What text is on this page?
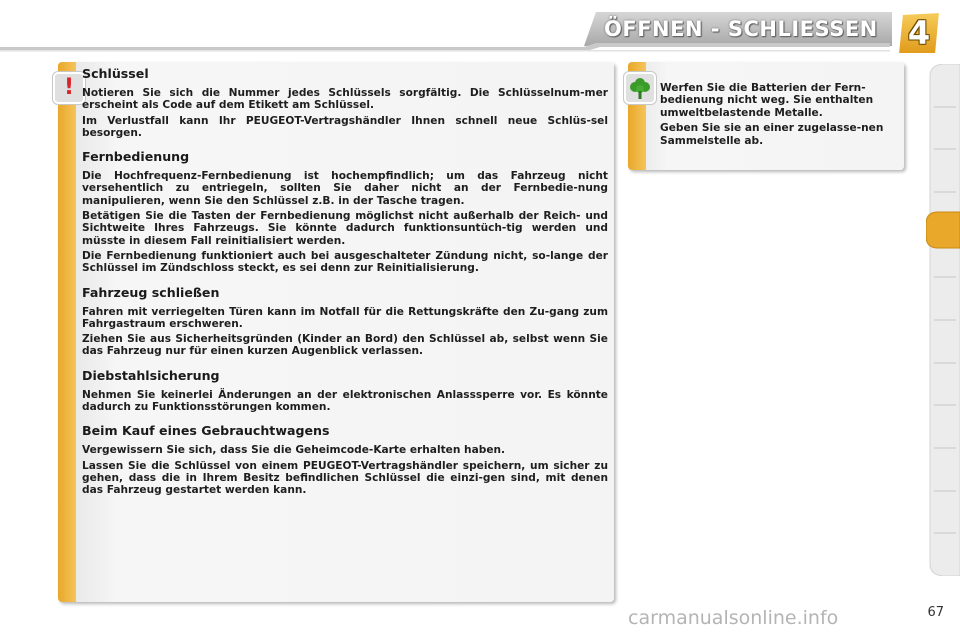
ÖFFNEN - SCHLIESSEN 4
!
Schlüssel

Notieren Sie sich die Nummer jedes Schlüssels sorgfältig. Die Schlüsselnum-mer erscheint als Code auf dem Etikett am Schlüssel.

Im Verlustfall kann Ihr PEUGEOT-Vertragshändler Ihnen schnell neue Schlüs-sel besorgen.

Fernbedienung

Die Hochfrequenz-Fernbedienung ist hochempfindlich; um das Fahrzeug nicht versehentlich zu entriegeln, sollten Sie daher nicht an der Fernbedie-nung manipulieren, wenn Sie den Schlüssel z.B. in der Tasche tragen.

Betätigen Sie die Tasten der Fernbedienung möglichst nicht außerhalb der Reich- und Sichtweite Ihres Fahrzeugs. Sie könnte dadurch funktionsuntüch-tig werden und müsste in diesem Fall reinitialisiert werden.

Die Fernbedienung funktioniert auch bei ausgeschalteter Zündung nicht, so-lange der Schlüssel im Zündschloss steckt, es sei denn zur Reinitialisierung.

Fahrzeug schließen

Fahren mit verriegelten Türen kann im Notfall für die Rettungskräfte den Zu-gang zum Fahrgastraum erschweren.

Ziehen Sie aus Sicherheitsgründen (Kinder an Bord) den Schlüssel ab, selbst wenn Sie das Fahrzeug nur für einen kurzen Augenblick verlassen.

Diebstahlsicherung

Nehmen Sie keinerlei Änderungen an der elektronischen Anlasssperre vor. Es könnte dadurch zu Funktionsstörungen kommen.

Beim Kauf eines Gebrauchtwagens

Vergewissern Sie sich, dass Sie die Geheimcode-Karte erhalten haben.

Lassen Sie die Schlüssel von einem PEUGEOT-Vertragshändler speichern, um sicher zu gehen, dass die in Ihrem Besitz befindlichen Schlüssel die einzi-gen sind, mit denen das Fahrzeug gestartet werden kann.

Werfen Sie die Batterien der Fern-bedienung nicht weg. Sie enthalten umweltbelastende Metalle.

Geben Sie sie an einer zugelasse-nen Sammelstelle ab.

67
carmanualsonline.info
